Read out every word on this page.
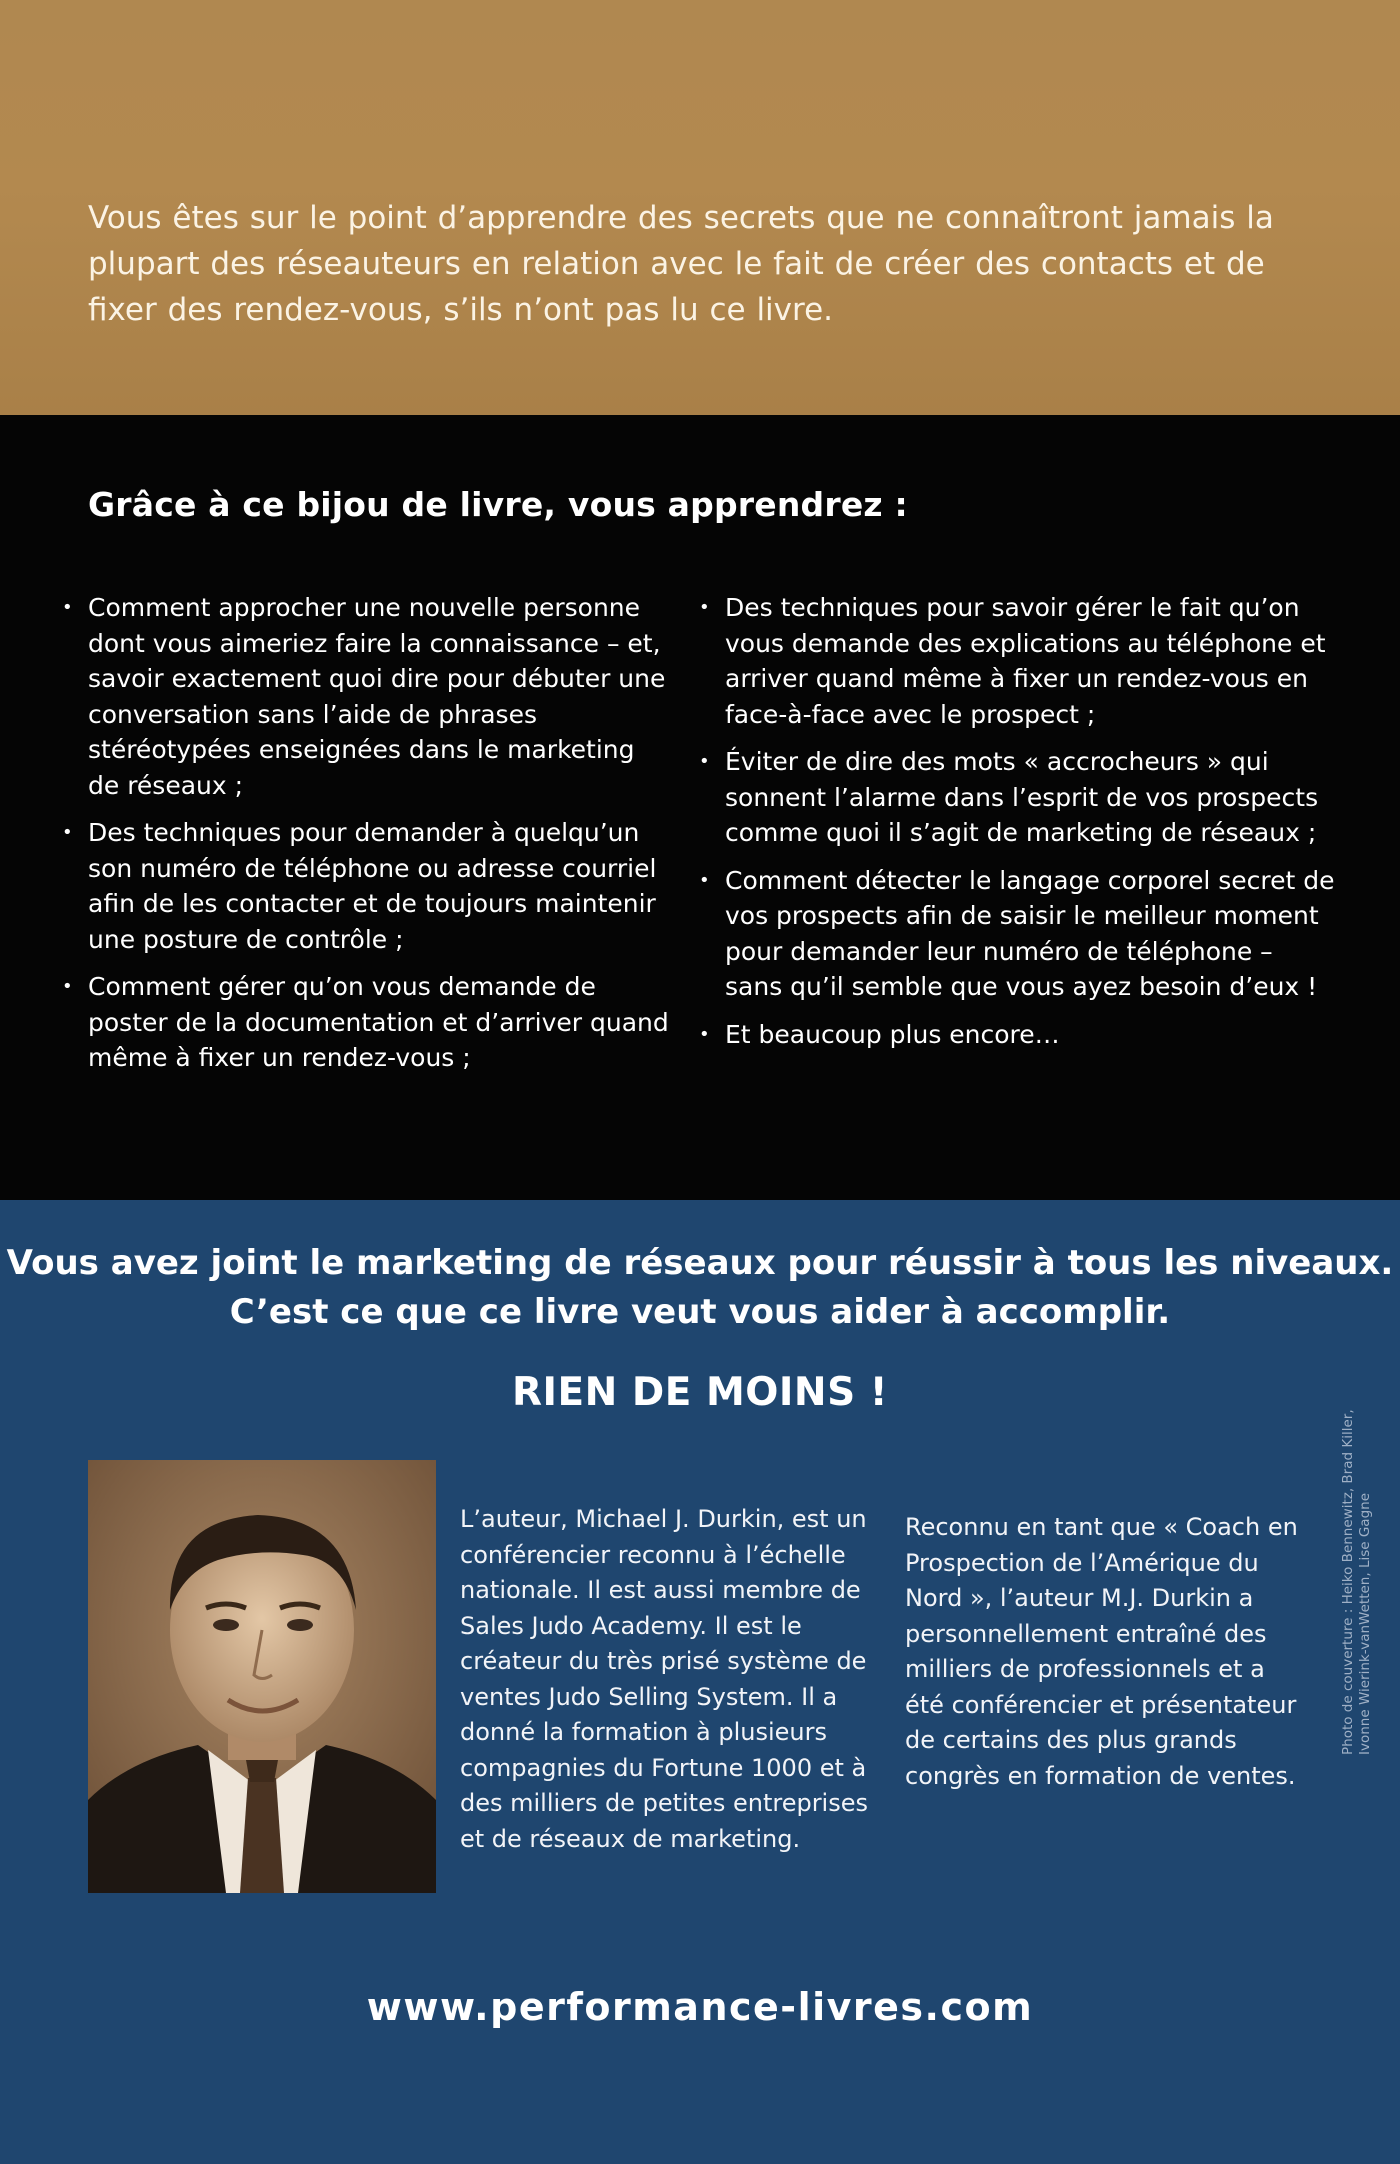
Vous êtes sur le point d’apprendre des secrets que ne connaîtront jamais la plupart des réseauteurs en relation avec le fait de créer des contacts et de fixer des rendez-vous, s’ils n’ont pas lu ce livre.

Grâce à ce bijou de livre, vous apprendrez :
• Comment approcher une nouvelle personne dont vous aimeriez faire la connaissance – et, savoir exactement quoi dire pour débuter une conversation sans l’aide de phrases stéréotypées enseignées dans le marketing de réseaux ;
• Des techniques pour demander à quelqu’un son numéro de téléphone ou adresse courriel afin de les contacter et de toujours maintenir une posture de contrôle ;
• Comment gérer qu’on vous demande de poster de la documentation et d’arriver quand même à fixer un rendez-vous ;
• Des techniques pour savoir gérer le fait qu’on vous demande des explications au téléphone et arriver quand même à fixer un rendez-vous en face-à-face avec le prospect ;
• Éviter de dire des mots « accrocheurs » qui sonnent l’alarme dans l’esprit de vos prospects comme quoi il s’agit de marketing de réseaux ;
• Comment détecter le langage corporel secret de vos prospects afin de saisir le meilleur moment pour demander leur numéro de téléphone – sans qu’il semble que vous ayez besoin d’eux !
• Et beaucoup plus encore…

Vous avez joint le marketing de réseaux pour réussir à tous les niveaux.

C’est ce que ce livre veut vous aider à accomplir.

RIEN DE MOINS !

L’auteur, Michael J. Durkin, est un conférencier reconnu à l’échelle nationale. Il est aussi membre de Sales Judo Academy. Il est le créateur du très prisé système de ventes Judo Selling System. Il a donné la formation à plusieurs compagnies du Fortune 1000 et à des milliers de petites entreprises et de réseaux de marketing.

Reconnu en tant que « Coach en Prospection de l’Amérique du Nord », l’auteur M.J. Durkin a personnellement entraîné des milliers de professionnels et a été conférencier et présentateur de certains des plus grands congrès en formation de ventes.

Photo de couverture : Heiko Bennewitz, Brad Killer, Ivonne Wierink-vanWetten, Lise Gagne

www.performance-livres.com
